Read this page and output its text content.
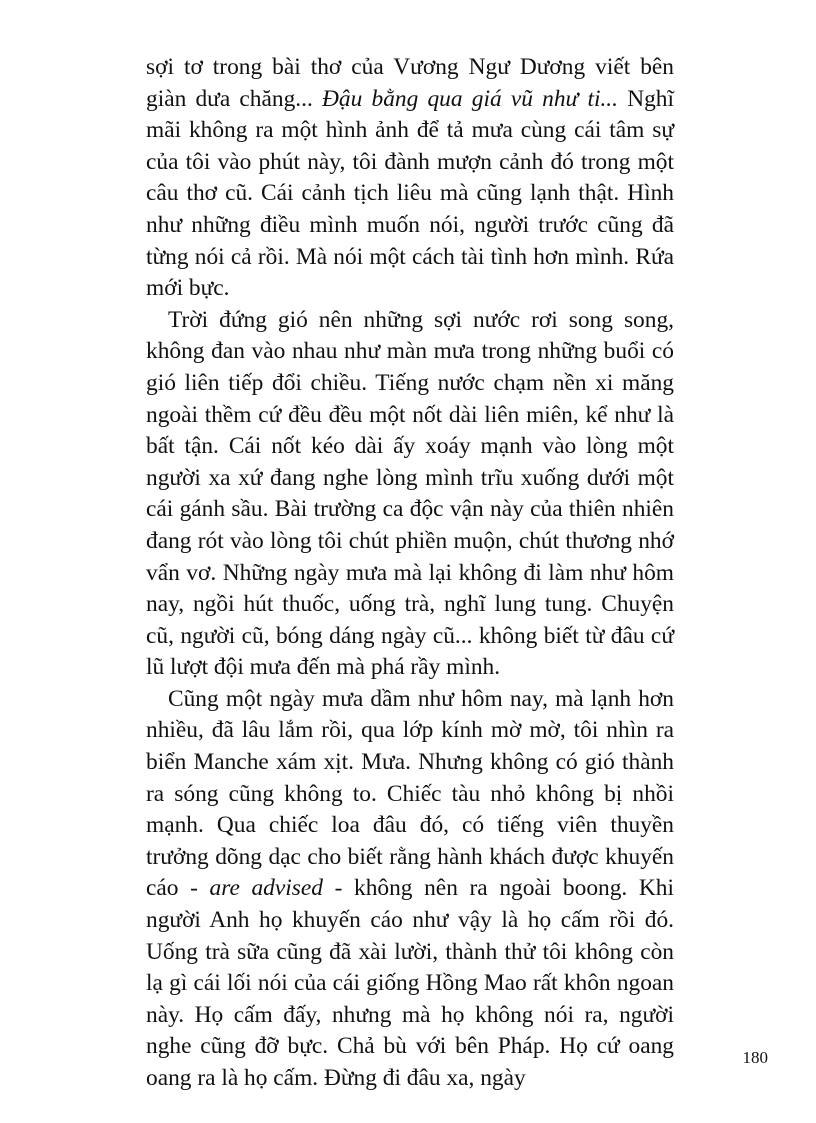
sợi tơ trong bài thơ của Vương Ngư Dương viết bên giàn dưa chăng... Đậu bằng qua giá vũ như ti... Nghĩ mãi không ra một hình ảnh để tả mưa cùng cái tâm sự của tôi vào phút này, tôi đành mượn cảnh đó trong một câu thơ cũ. Cái cảnh tịch liêu mà cũng lạnh thật. Hình như những điều mình muốn nói, người trước cũng đã từng nói cả rồi. Mà nói một cách tài tình hơn mình. Rứa mới bực.

Trời đứng gió nên những sợi nước rơi song song, không đan vào nhau như màn mưa trong những buổi có gió liên tiếp đổi chiều. Tiếng nước chạm nền xi măng ngoài thềm cứ đều đều một nốt dài liên miên, kể như là bất tận. Cái nốt kéo dài ấy xoáy mạnh vào lòng một người xa xứ đang nghe lòng mình trĩu xuống dưới một cái gánh sầu. Bài trường ca độc vận này của thiên nhiên đang rót vào lòng tôi chút phiền muộn, chút thương nhớ vẩn vơ. Những ngày mưa mà lại không đi làm như hôm nay, ngồi hút thuốc, uống trà, nghĩ lung tung. Chuyện cũ, người cũ, bóng dáng ngày cũ... không biết từ đâu cứ lũ lượt đội mưa đến mà phá rầy mình.

Cũng một ngày mưa dầm như hôm nay, mà lạnh hơn nhiều, đã lâu lắm rồi, qua lớp kính mờ mờ, tôi nhìn ra biển Manche xám xịt. Mưa. Nhưng không có gió thành ra sóng cũng không to. Chiếc tàu nhỏ không bị nhồi mạnh. Qua chiếc loa đâu đó, có tiếng viên thuyền trưởng dõng dạc cho biết rằng hành khách được khuyến cáo - are advised - không nên ra ngoài boong. Khi người Anh họ khuyến cáo như vậy là họ cấm rồi đó. Uống trà sữa cũng đã xài lười, thành thử tôi không còn lạ gì cái lối nói của cái giống Hồng Mao rất khôn ngoan này. Họ cấm đấy, nhưng mà họ không nói ra, người nghe cũng đỡ bực. Chả bù với bên Pháp. Họ cứ oang oang ra là họ cấm. Đừng đi đâu xa, ngày

180
